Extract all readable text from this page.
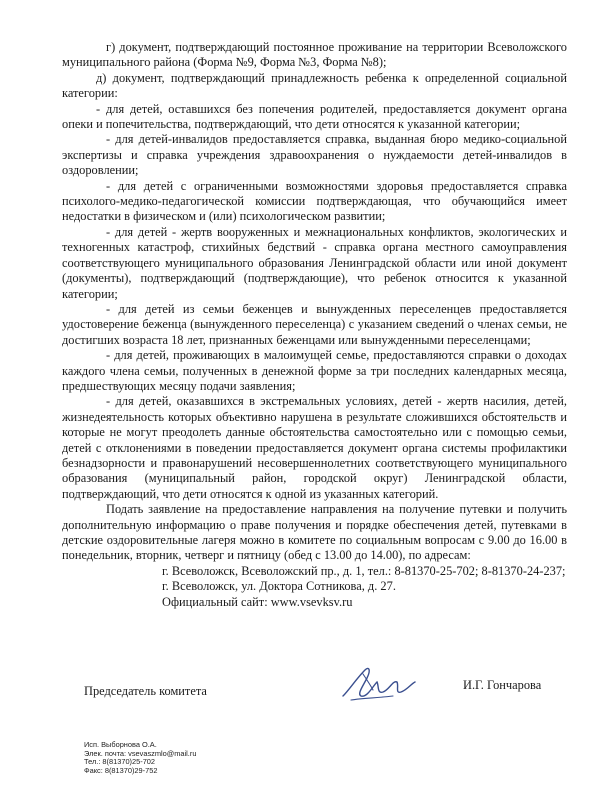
г) документ, подтверждающий постоянное проживание на территории Всеволожского муниципального района (Форма №9, Форма №3, Форма №8);

д) документ, подтверждающий принадлежность ребенка к определенной социальной категории:

- для детей, оставшихся без попечения родителей, предоставляется документ органа опеки и попечительства, подтверждающий, что дети относятся к указанной категории;

- для детей-инвалидов предоставляется справка, выданная бюро медико-социальной экспертизы и справка учреждения здравоохранения о нуждаемости детей-инвалидов в оздоровлении;

- для детей с ограниченными возможностями здоровья предоставляется справка психолого-медико-педагогической комиссии подтверждающая, что обучающийся имеет недостатки в физическом и (или) психологическом развитии;

- для детей - жертв вооруженных и межнациональных конфликтов, экологических и техногенных катастроф, стихийных бедствий - справка органа местного самоуправления соответствующего муниципального образования Ленинградской области или иной документ (документы), подтверждающий (подтверждающие), что ребенок относится к указанной категории;

- для детей из семьи беженцев и вынужденных переселенцев предоставляется удостоверение беженца (вынужденного переселенца) с указанием сведений о членах семьи, не достигших возраста 18 лет, признанных беженцами или вынужденными переселенцами;

- для детей, проживающих в малоимущей семье, предоставляются справки о доходах каждого члена семьи, полученных в денежной форме за три последних календарных месяца, предшествующих месяцу подачи заявления;

- для детей, оказавшихся в экстремальных условиях, детей - жертв насилия, детей, жизнедеятельность которых объективно нарушена в результате сложившихся обстоятельств и которые не могут преодолеть данные обстоятельства самостоятельно или с помощью семьи, детей с отклонениями в поведении предоставляется документ органа системы профилактики безнадзорности и правонарушений несовершеннолетних соответствующего муниципального образования (муниципальный район, городской округ) Ленинградской области, подтверждающий, что дети относятся к одной из указанных категорий.

Подать заявление на предоставление направления на получение путевки и получить дополнительную информацию о праве получения и порядке обеспечения детей, путевками в детские оздоровительные лагеря можно в комитете по социальным вопросам с 9.00 до 16.00 в понедельник, вторник, четверг и пятницу (обед с 13.00 до 14.00), по адресам:

г. Всеволожск, Всеволожский пр., д. 1, тел.: 8-81370-25-702; 8-81370-24-237;

г. Всеволожск, ул. Доктора Сотникова, д. 27.

Официальный сайт: www.vsevksv.ru

Председатель комитета	И.Г. Гончарова
Исп. Выборнова О.А.
Элек. почта: vsevaszmlo@mail.ru
Тел.: 8(81370)25-702
Факс: 8(81370)29-752
